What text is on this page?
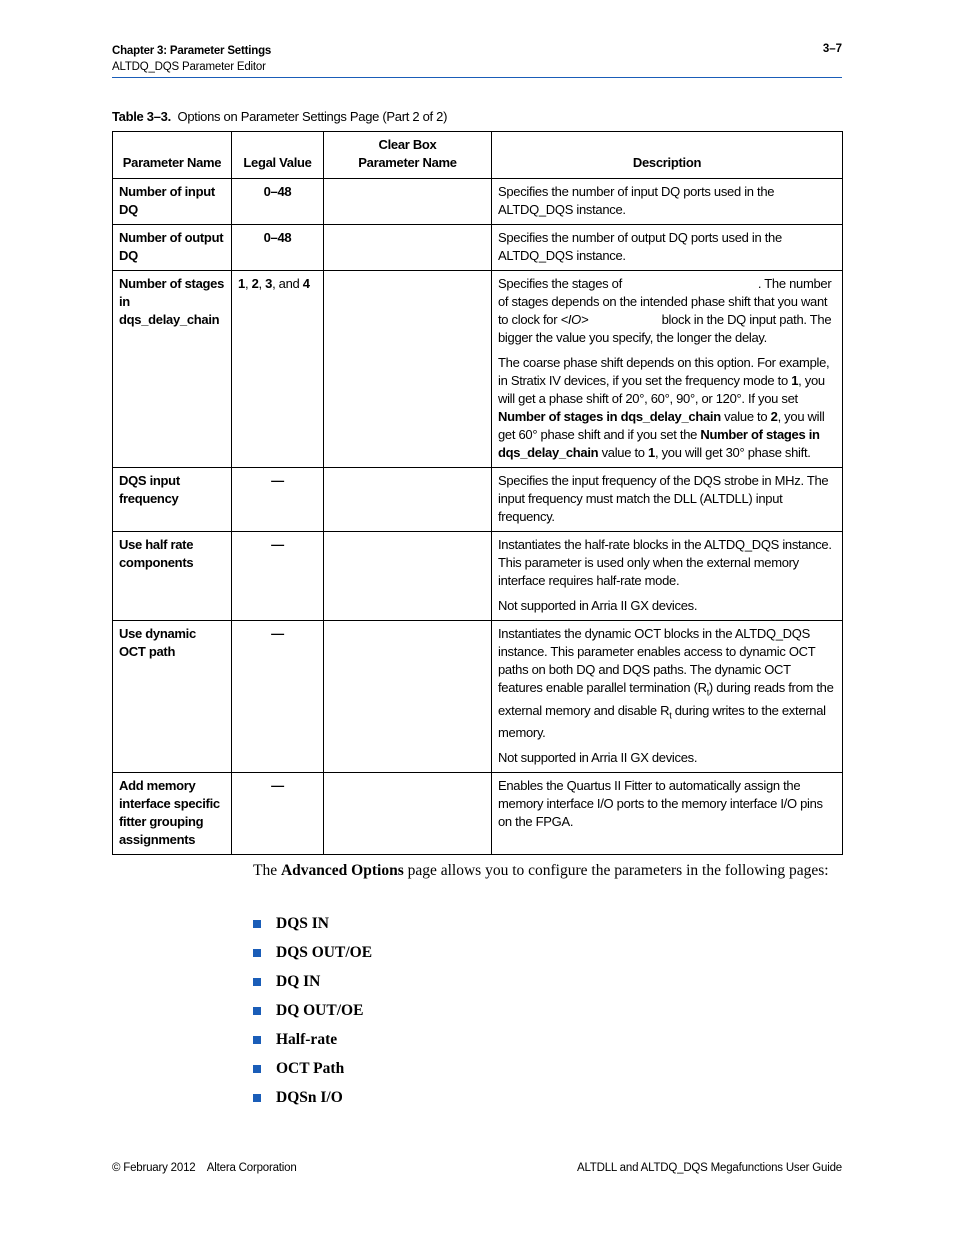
Chapter 3: Parameter Settings
ALTDQ_DQS Parameter Editor
3–7
Table 3–3. Options on Parameter Settings Page (Part 2 of 2)
Parameter Name	Legal Value	Clear Box Parameter Name	Description
Number of input DQ	0–48		Specifies the number of input DQ ports used in the ALTDQ_DQS instance.
Number of output DQ	0–48		Specifies the number of output DQ ports used in the ALTDQ_DQS instance.
Number of stages in dqs_delay_chain	1, 2, 3, and 4		Specifies the stages of . The number of stages depends on the intended phase shift that you want to clock for <IO> block in the DQ input path. The bigger the value you specify, the longer the delay.

The coarse phase shift depends on this option. For example, in Stratix IV devices, if you set the frequency mode to 1, you will get a phase shift of 20°, 60°, 90°, or 120°. If you set Number of stages in dqs_delay_chain value to 2, you will get 60° phase shift and if you set the Number of stages in dqs_delay_chain value to 1, you will get 30° phase shift.

DQS input frequency	—		Specifies the input frequency of the DQS strobe in MHz. The input frequency must match the DLL (ALTDLL) input frequency.
Use half rate components	—		Instantiates the half-rate blocks in the ALTDQ_DQS instance. This parameter is used only when the external memory interface requires half-rate mode.

Not supported in Arria II GX devices.

Use dynamic OCT path	—		Instantiates the dynamic OCT blocks in the ALTDQ_DQS instance. This parameter enables access to dynamic OCT paths on both DQ and DQS paths. The dynamic OCT features enable parallel termination $(R_t)$ during reads from the external memory and disable $R_t$ during writes to the external memory.

Not supported in Arria II GX devices.

Add memory interface specific fitter grouping assignments	—		Enables the Quartus II Fitter to automatically assign the memory interface I/O ports to the memory interface I/O pins on the FPGA.
The Advanced Options page allows you to configure the parameters in the following pages:
DQS IN
DQS OUT/OE
DQ IN
DQ OUT/OE
Half-rate
OCT Path
DQSn I/O
© February 2012    Altera Corporation	ALTDLL and ALTDQ_DQS Megafunctions User Guide
